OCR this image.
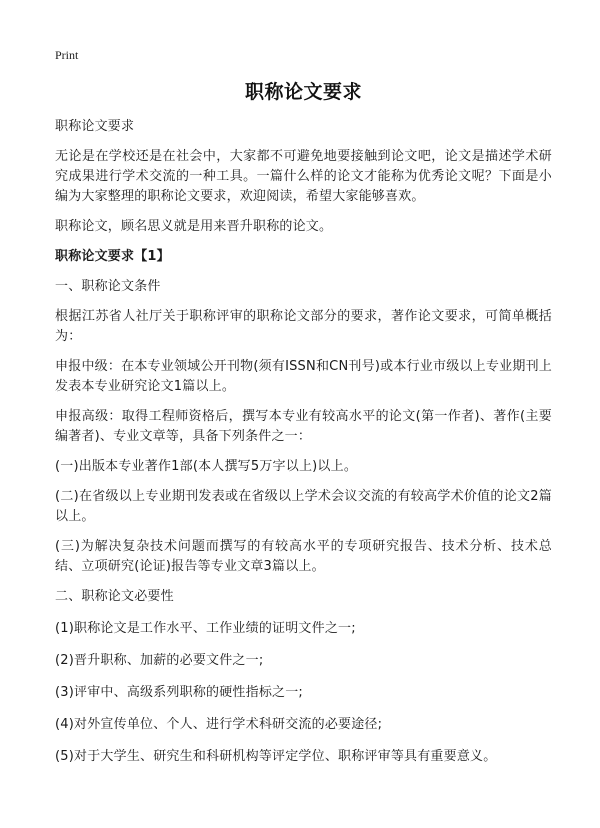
Print
职称论文要求

职称论文要求

无论是在学校还是在社会中，大家都不可避免地要接触到论文吧，论文是描述学术研究成果进行学术交流的一种工具。一篇什么样的论文才能称为优秀论文呢？下面是小编为大家整理的职称论文要求，欢迎阅读，希望大家能够喜欢。

职称论文，顾名思义就是用来晋升职称的论文。

职称论文要求【1】

一、职称论文条件

根据江苏省人社厅关于职称评审的职称论文部分的要求，著作论文要求，可简单概括为：

申报中级：在本专业领域公开刊物(须有ISSN和CN刊号)或本行业市级以上专业期刊上发表本专业研究论文1篇以上。

申报高级：取得工程师资格后，撰写本专业有较高水平的论文(第一作者)、著作(主要编著者)、专业文章等，具备下列条件之一：

(一)出版本专业著作1部(本人撰写5万字以上)以上。

(二)在省级以上专业期刊发表或在省级以上学术会议交流的有较高学术价值的论文2篇以上。

(三)为解决复杂技术问题而撰写的有较高水平的专项研究报告、技术分析、技术总结、立项研究(论证)报告等专业文章3篇以上。

二、职称论文必要性

(1)职称论文是工作水平、工作业绩的证明文件之一;

(2)晋升职称、加薪的必要文件之一;

(3)评审中、高级系列职称的硬性指标之一;

(4)对外宣传单位、个人、进行学术科研交流的必要途径;

(5)对于大学生、研究生和科研机构等评定学位、职称评审等具有重要意义。
